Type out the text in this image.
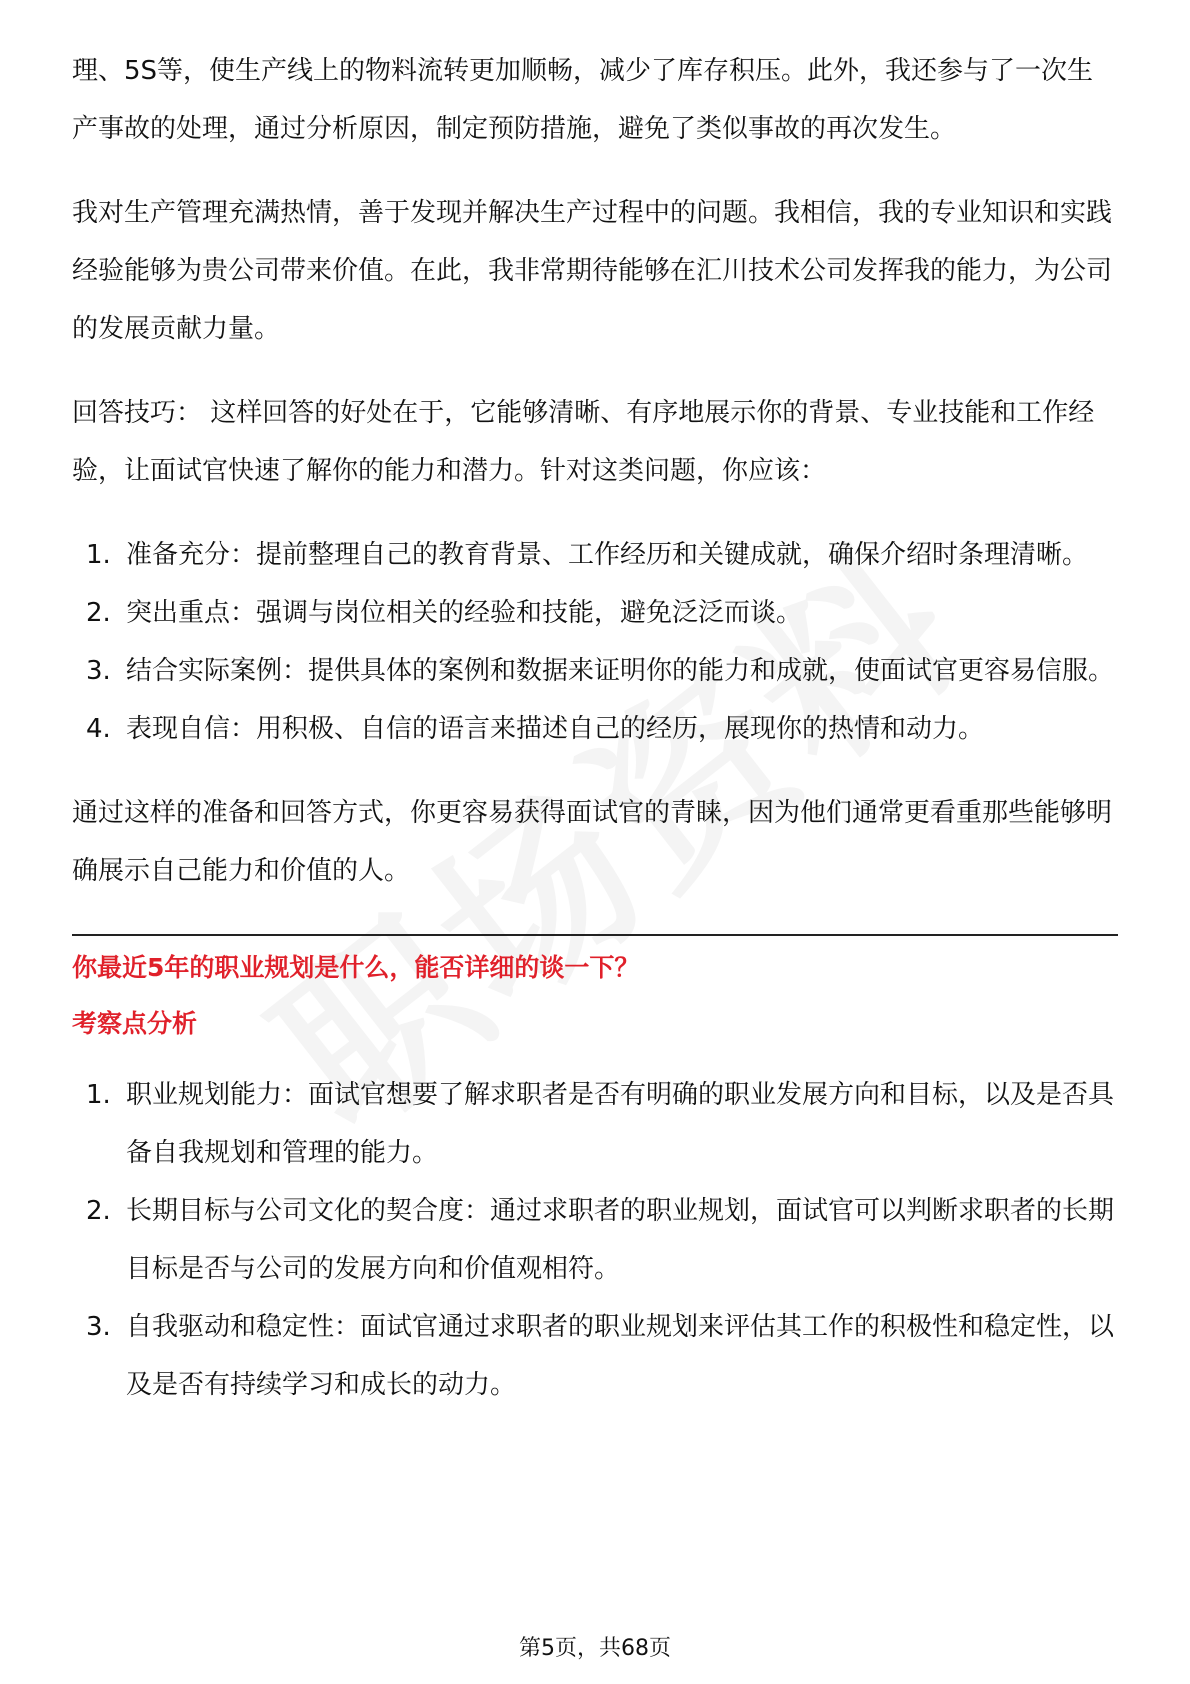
理、5S等，使生产线上的物料流转更加顺畅，减少了库存积压。此外，我还参与了一次生产事故的处理，通过分析原因，制定预防措施，避免了类似事故的再次发生。

我对生产管理充满热情，善于发现并解决生产过程中的问题。我相信，我的专业知识和实践经验能够为贵公司带来价值。在此，我非常期待能够在汇川技术公司发挥我的能力，为公司的发展贡献力量。

回答技巧： 这样回答的好处在于，它能够清晰、有序地展示你的背景、专业技能和工作经验，让面试官快速了解你的能力和潜力。针对这类问题，你应该：

1. 准备充分：提前整理自己的教育背景、工作经历和关键成就，确保介绍时条理清晰。
2. 突出重点：强调与岗位相关的经验和技能，避免泛泛而谈。
3. 结合实际案例：提供具体的案例和数据来证明你的能力和成就，使面试官更容易信服。
4. 表现自信：用积极、自信的语言来描述自己的经历，展现你的热情和动力。

通过这样的准备和回答方式，你更容易获得面试官的青睐，因为他们通常更看重那些能够明确展示自己能力和价值的人。

你最近5年的职业规划是什么，能否详细的谈一下？
考察点分析
1. 职业规划能力：面试官想要了解求职者是否有明确的职业发展方向和目标，以及是否具备自我规划和管理的能力。
2. 长期目标与公司文化的契合度：通过求职者的职业规划，面试官可以判断求职者的长期目标是否与公司的发展方向和价值观相符。
3. 自我驱动和稳定性：面试官通过求职者的职业规划来评估其工作的积极性和稳定性，以及是否有持续学习和成长的动力。
第5页，共68页
